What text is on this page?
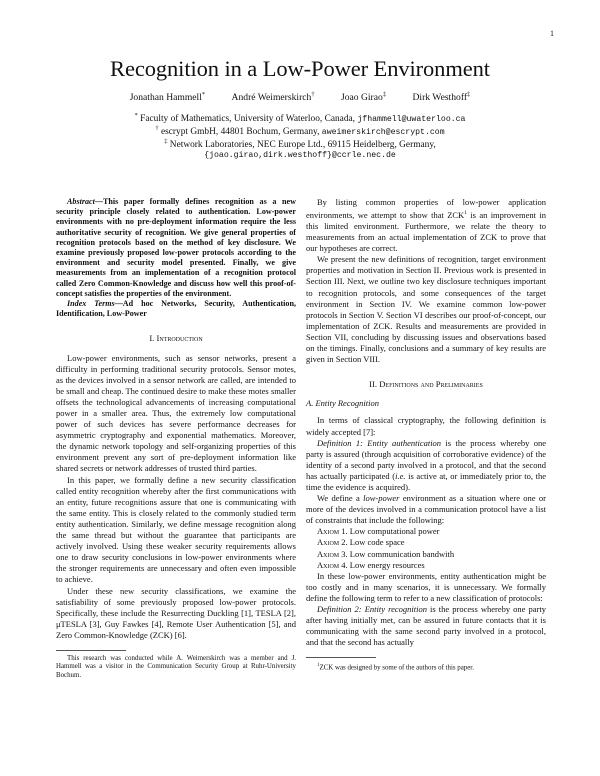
1
Recognition in a Low-Power Environment
Jonathan Hammell*	André Weimerskirch†	Joao Girao‡	Dirk Westhoff‡
* Faculty of Mathematics, University of Waterloo, Canada, jfhammell@uwaterloo.ca
† escrypt GmbH, 44801 Bochum, Germany, aweimerskirch@escrypt.com
‡ Network Laboratories, NEC Europe Ltd., 69115 Heidelberg, Germany,
{joao.girao,dirk.westhoff}@ccrle.nec.de

Abstract—This paper formally defines recognition as a new security principle closely related to authentication. Low-power environments with no pre-deployment information require the less authoritative security of recognition. We give general properties of recognition protocols based on the method of key disclosure. We examine previously proposed low-power protocols according to the environment and security model presented. Finally, we give measurements from an implementation of a recognition protocol called Zero Common-Knowledge and discuss how well this proof-of-concept satisfies the properties of the environment.

Index Terms—Ad hoc Networks, Security, Authentication, Identification, Low-Power

I. Introduction

Low-power environments, such as sensor networks, present a difficulty in performing traditional security protocols. Sensor motes, as the devices involved in a sensor network are called, are intended to be small and cheap. The continued desire to make these motes smaller offsets the technological advancements of increasing computational power in a smaller area. Thus, the extremely low computational power of such devices has severe performance decreases for asymmetric cryptography and exponential mathematics. Moreover, the dynamic network topology and self-organizing properties of this environment prevent any sort of pre-deployment information like shared secrets or network addresses of trusted third parties.

In this paper, we formally define a new security classification called entity recognition whereby after the first communications with an entity, future recognitions assure that one is communicating with the same entity. This is closely related to the commonly studied term entity authentication. Similarly, we define message recognition along the same thread but without the guarantee that participants are actively involved. Using these weaker security requirements allows one to draw security conclusions in low-power environments where the stronger requirements are unnecessary and often even impossible to achieve.

Under these new security classifications, we examine the satisfiability of some previously proposed low-power protocols. Specifically, these include the Resurrecting Duckling [1], TESLA [2], μTESLA [3], Guy Fawkes [4], Remote User Authentication [5], and Zero Common-Knowledge (ZCK) [6].

This research was conducted while A. Weimerskirch was a member and J. Hammell was a visitor in the Communication Security Group at Ruhr-University Bochum.

By listing common properties of low-power application environments, we attempt to show that ZCK$^1$ is an improvement in this limited environment. Furthermore, we relate the theory to measurements from an actual implementation of ZCK to prove that our hypotheses are correct.

We present the new definitions of recognition, target environment properties and motivation in Section II. Previous work is presented in Section III. Next, we outline two key disclosure techniques important to recognition protocols, and some consequences of the target environment in Section IV. We examine common low-power protocols in Section V. Section VI describes our proof-of-concept, our implementation of ZCK. Results and measurements are provided in Section VII, concluding by discussing issues and observations based on the timings. Finally, conclusions and a summary of key results are given in Section VIII.

II. Definitions and Preliminaries
A. Entity Recognition

In terms of classical cryptography, the following definition is widely accepted [7]:

Definition 1: Entity authentication is the process whereby one party is assured (through acquisition of corroborative evidence) of the identity of a second party involved in a protocol, and that the second has actually participated (i.e. is active at, or immediately prior to, the time the evidence is acquired).

We define a low-power environment as a situation where one or more of the devices involved in a communication protocol have a list of constraints that include the following:

Axiom 1. Low computational power
Axiom 2. Low code space
Axiom 3. Low communication bandwith
Axiom 4. Low energy resources

In these low-power environments, entity authentication might be too costly and in many scenarios, it is unnecessary. We formally define the following term to refer to a new classification of protocols:

Definition 2: Entity recognition is the process whereby one party after having initially met, can be assured in future contacts that it is communicating with the same second party involved in a protocol, and that the second has actually

$^1$ZCK was designed by some of the authors of this paper.
